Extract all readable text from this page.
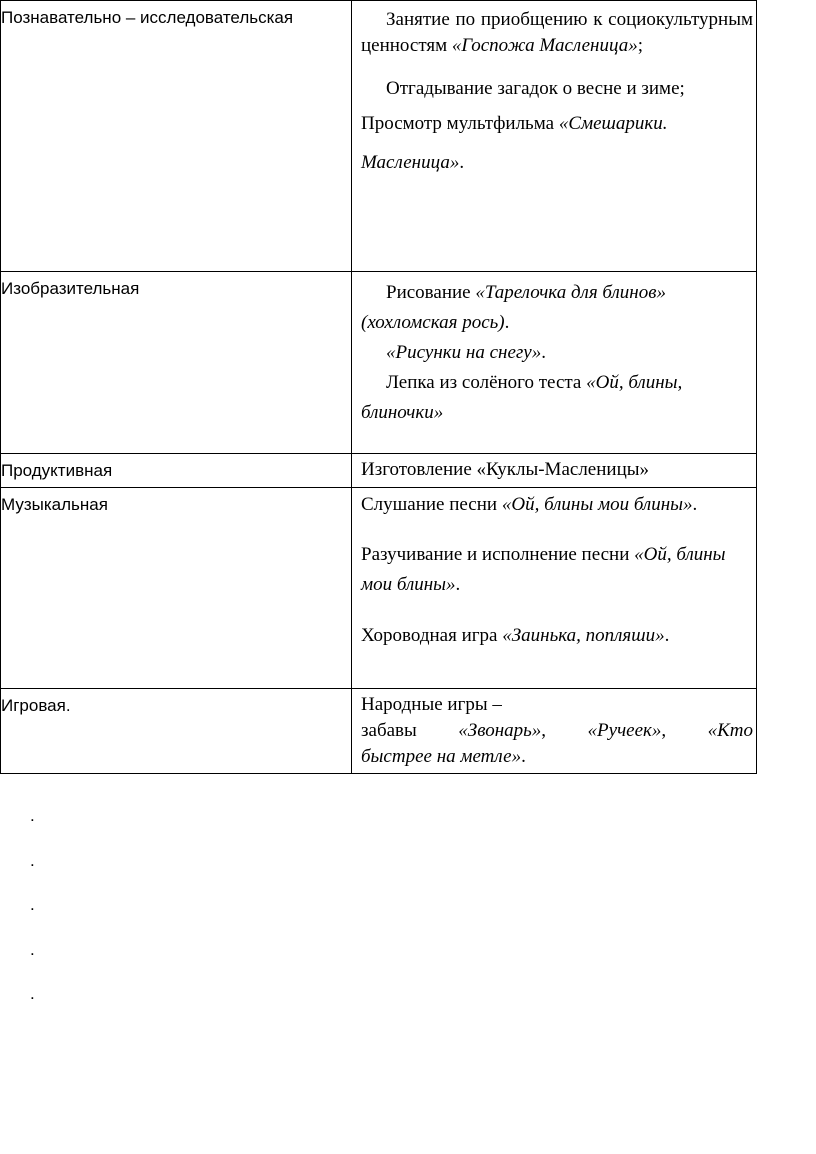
Познавательно – исследовательская	Занятие по приобщению к социокультурным ценностям «Госпожа Масленица»;

Отгадывание загадок о весне и зиме;

Просмотр мультфильма «Смешарики.
Масленица».

Изобразительная	Рисование «Тарелочка для блинов» (хохломская рось).

«Рисунки на снегу».

Лепка из солёного теста «Ой, блины, блиночки»

Продуктивная	Изготовление «Куклы-Масленицы»

Музыкальная	Слушание песни «Ой, блины мои блины».

Разучивание и исполнение песни «Ой, блины мои блины».

Хороводная игра «Заинька, попляши».

Игровая.	Народные игры –

забавы «Звонарь», «Ручеек», «Кто

быстрее на метле».

.
.
.
.
.
